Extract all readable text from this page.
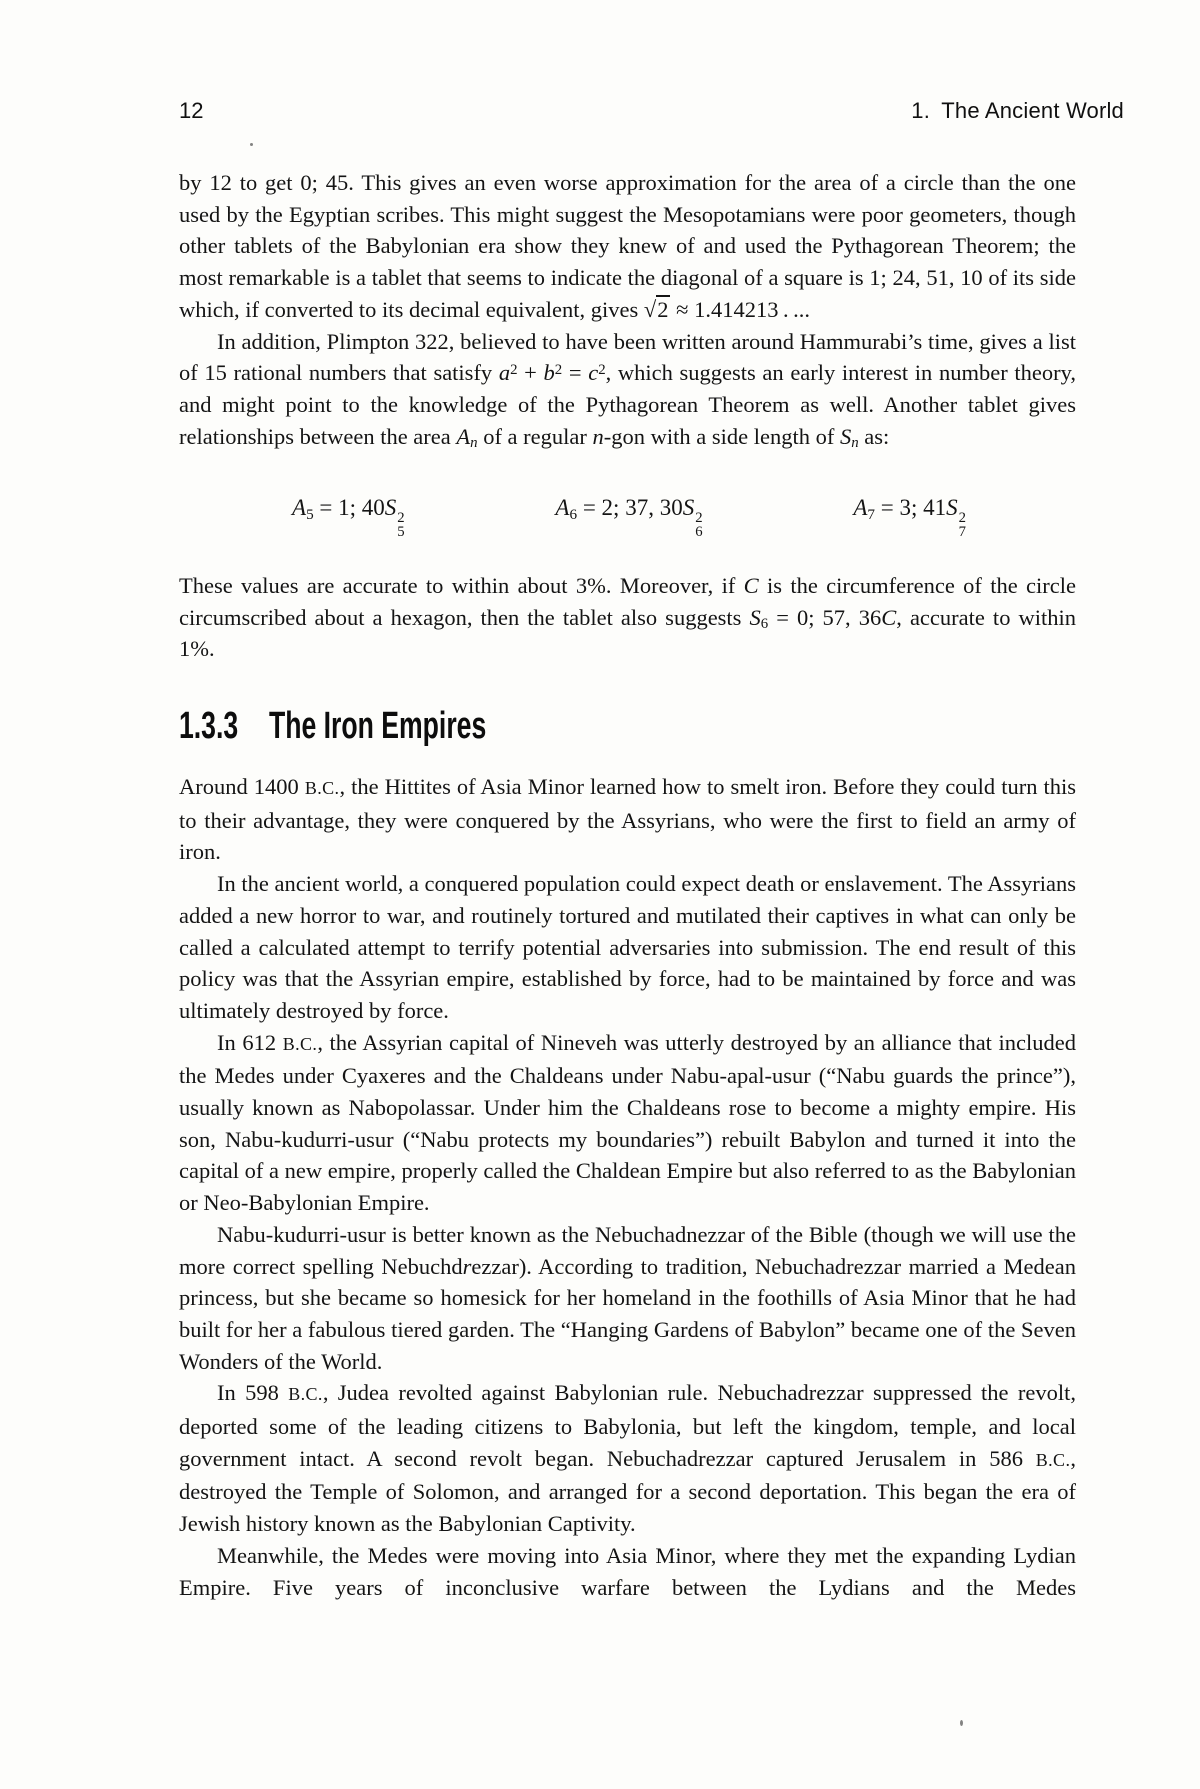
12	1. The Ancient World

by 12 to get 0; 45. This gives an even worse approximation for the area of a circle than the one used by the Egyptian scribes. This might suggest the Mesopotamians were poor geometers, though other tablets of the Babylonian era show they knew of and used the Pythagorean Theorem; the most remarkable is a tablet that seems to indicate the diagonal of a square is 1; 24, 51, 10 of its side which, if converted to its decimal equivalent, gives √2 ≈ 1.414213 . ...

In addition, Plimpton 322, believed to have been written around Hammurabi’s time, gives a list of 15 rational numbers that satisfy $a^2 + b^2 = c^2$, which suggests an early interest in number theory, and might point to the knowledge of the Pythagorean Theorem as well. Another tablet gives relationships between the area An of a regular n-gon with a side length of Sn as:

A5 = 1; 40S 2
5
A6 = 2; 37, 30S 2
6
A7 = 3; 41S 2
7

These values are accurate to within about 3%. Moreover, if C is the circumference of the circle circumscribed about a hexagon, then the tablet also suggests S6 = 0; 57, 36C, accurate to within 1%.

1.3.3 The Iron Empires

Around 1400 B.C., the Hittites of Asia Minor learned how to smelt iron. Before they could turn this to their advantage, they were conquered by the Assyrians, who were the first to field an army of iron.

In the ancient world, a conquered population could expect death or enslavement. The Assyrians added a new horror to war, and routinely tortured and mutilated their captives in what can only be called a calculated attempt to terrify potential adversaries into submission. The end result of this policy was that the Assyrian empire, established by force, had to be maintained by force and was ultimately destroyed by force.

In 612 B.C., the Assyrian capital of Nineveh was utterly destroyed by an alliance that included the Medes under Cyaxeres and the Chaldeans under Nabu-apal-usur (“Nabu guards the prince”), usually known as Nabopolassar. Under him the Chaldeans rose to become a mighty empire. His son, Nabu-kudurri-usur (“Nabu protects my boundaries”) rebuilt Babylon and turned it into the capital of a new empire, properly called the Chaldean Empire but also referred to as the Babylonian or Neo-Babylonian Empire.

Nabu-kudurri-usur is better known as the Nebuchadnezzar of the Bible (though we will use the more correct spelling Nebuchdrezzar). According to tradition, Nebuchadrezzar married a Medean princess, but she became so homesick for her homeland in the foothills of Asia Minor that he had built for her a fabulous tiered garden. The “Hanging Gardens of Babylon” became one of the Seven Wonders of the World.

In 598 B.C., Judea revolted against Babylonian rule. Nebuchadrezzar suppressed the revolt, deported some of the leading citizens to Babylonia, but left the kingdom, temple, and local government intact. A second revolt began. Nebuchadrezzar captured Jerusalem in 586 B.C., destroyed the Temple of Solomon, and arranged for a second deportation. This began the era of Jewish history known as the Babylonian Captivity.

Meanwhile, the Medes were moving into Asia Minor, where they met the expanding Lydian Empire. Five years of inconclusive warfare between the Lydians and the Medes
